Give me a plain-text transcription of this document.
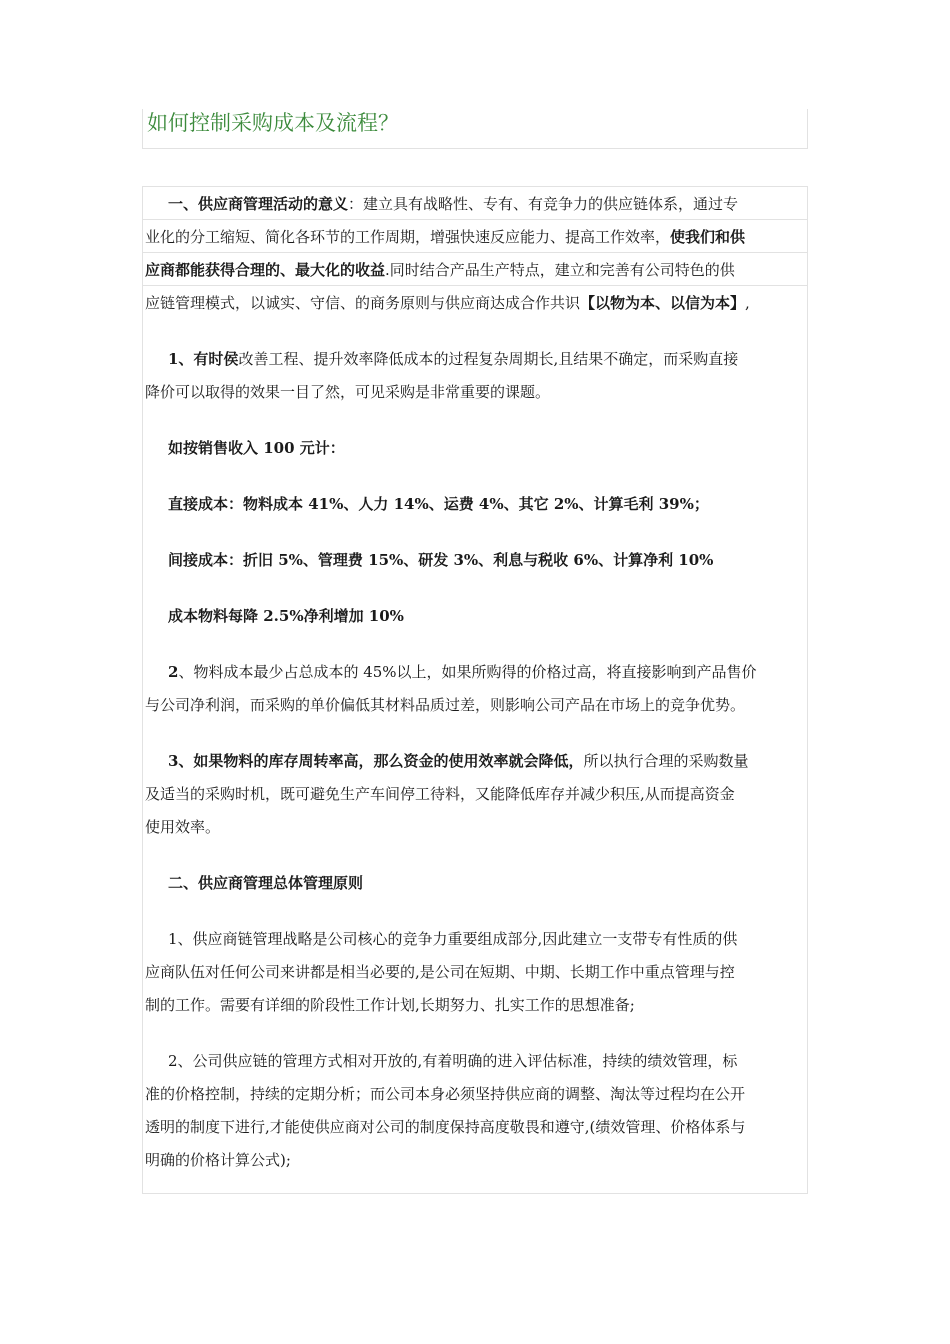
如何控制采购成本及流程？
一、供应商管理活动的意义：建立具有战略性、专有、有竞争力的供应链体系，通过专
业化的分工缩短、简化各环节的工作周期，增强快速反应能力、提高工作效率，使我们和供
应商都能获得合理的、最大化的收益.同时结合产品生产特点，建立和完善有公司特色的供
应链管理模式，以诚实、守信、的商务原则与供应商达成合作共识【以物为本、以信为本】,
1、有时侯改善工程、提升效率降低成本的过程复杂周期长,且结果不确定，而采购直接
降价可以取得的效果一目了然，可见采购是非常重要的课题。
如按销售收入 100 元计：
直接成本：物料成本 41%、人力 14%、运费 4%、其它 2%、计算毛利 39%；
间接成本：折旧 5%、管理费 15%、研发 3%、利息与税收 6%、计算净利 10%
成本物料每降 2.5%净利增加 10%
2、物料成本最少占总成本的 45%以上，如果所购得的价格过高，将直接影响到产品售价
与公司净利润，而采购的单价偏低其材料品质过差，则影响公司产品在市场上的竞争优势。
3、如果物料的库存周转率高，那么资金的使用效率就会降低，所以执行合理的采购数量
及适当的采购时机，既可避免生产车间停工待料，又能降低库存并减少积压,从而提高资金
使用效率。
二、供应商管理总体管理原则
1、供应商链管理战略是公司核心的竞争力重要组成部分,因此建立一支带专有性质的供
应商队伍对任何公司来讲都是相当必要的,是公司在短期、中期、长期工作中重点管理与控
制的工作。需要有详细的阶段性工作计划,长期努力、扎实工作的思想准备;
2、公司供应链的管理方式相对开放的,有着明确的进入评估标准，持续的绩效管理，标
准的价格控制，持续的定期分析；而公司本身必须坚持供应商的调整、淘汰等过程均在公开
透明的制度下进行,才能使供应商对公司的制度保持高度敬畏和遵守,(绩效管理、价格体系与
明确的价格计算公式);
